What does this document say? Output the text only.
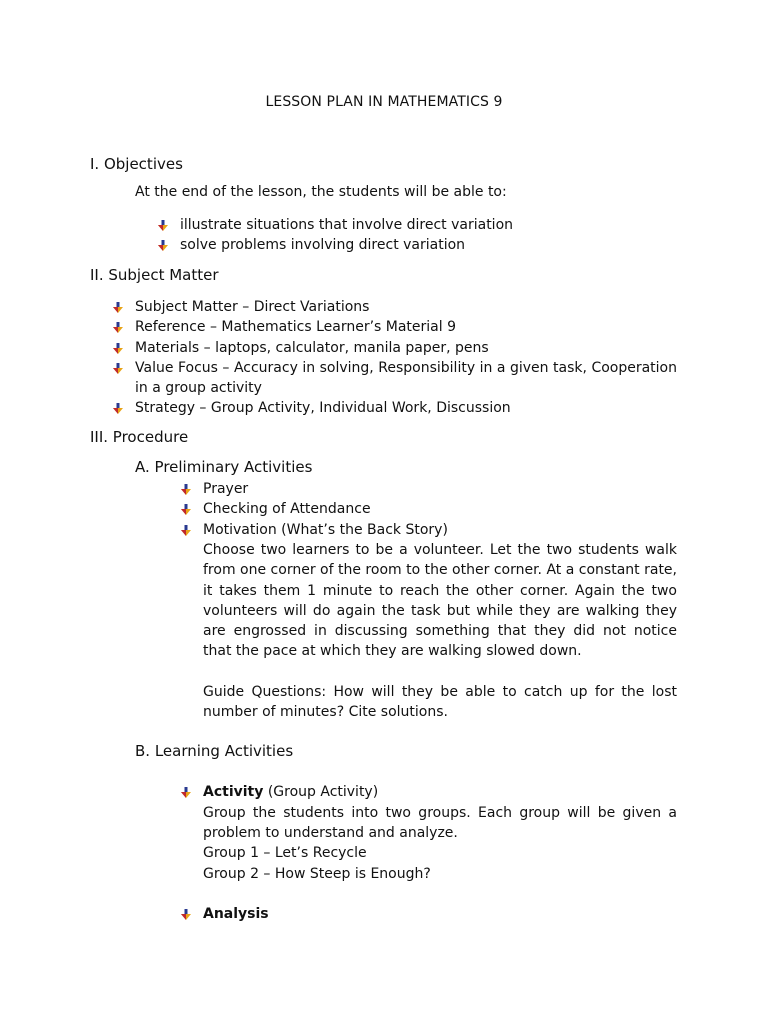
LESSON PLAN IN MATHEMATICS 9
I. Objectives
At the end of the lesson, the students will be able to:
illustrate situations that involve direct variation
solve problems involving direct variation
II. Subject Matter
Subject Matter – Direct Variations
Reference – Mathematics Learner’s Material 9
Materials – laptops, calculator, manila paper, pens
Value Focus – Accuracy in solving, Responsibility in a given task, Cooperation in a group activity
Strategy – Group Activity, Individual Work, Discussion
III. Procedure
A. Preliminary Activities
Prayer
Checking of Attendance
Motivation (What’s the Back Story)
Choose two learners to be a volunteer. Let the two students walk from one corner of the room to the other corner. At a constant rate, it takes them 1 minute to reach the other corner. Again the two volunteers will do again the task but while they are walking they are engrossed in discussing something that they did not notice that the pace at which they are walking slowed down.
Guide Questions: How will they be able to catch up for the lost number of minutes? Cite solutions.
B. Learning Activities
Activity (Group Activity)
Group the students into two groups. Each group will be given a problem to understand and analyze.
Group 1 – Let’s Recycle
Group 2 – How Steep is Enough?
Analysis
